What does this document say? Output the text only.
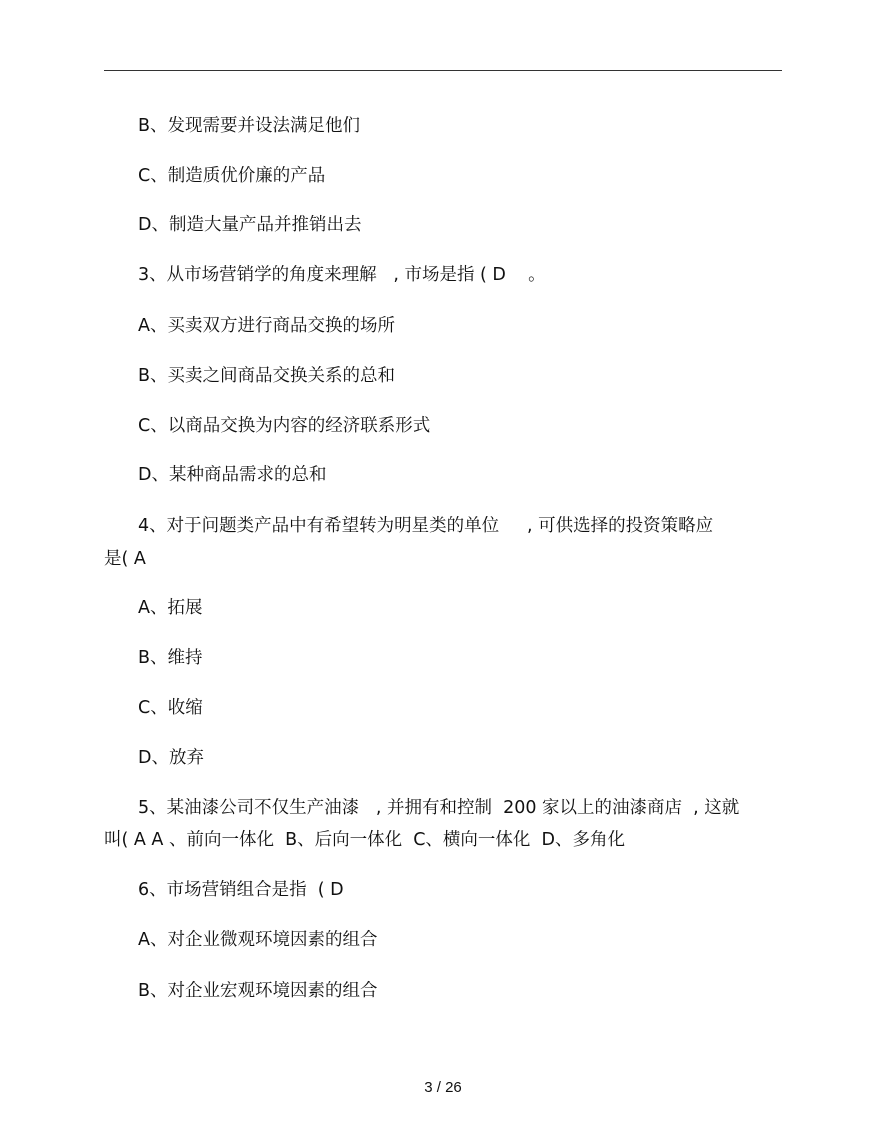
B、发现需要并设法满足他们

C、制造质优价廉的产品

D、制造大量产品并推销出去

3、从市场营销学的角度来理解   , 市场是指 ( D    。

A、买卖双方进行商品交换的场所

B、买卖之间商品交换关系的总和

C、以商品交换为内容的经济联系形式

D、某种商品需求的总和

4、对于问题类产品中有希望转为明星类的单位     , 可供选择的投资策略应

是( A

A、拓展

B、维持

C、收缩

D、放弃

5、某油漆公司不仅生产油漆   , 并拥有和控制  200 家以上的油漆商店  , 这就

叫( A A 、前向一体化  B、后向一体化  C、横向一体化  D、多角化

6、市场营销组合是指  ( D

A、对企业微观环境因素的组合

B、对企业宏观环境因素的组合

3 / 26
